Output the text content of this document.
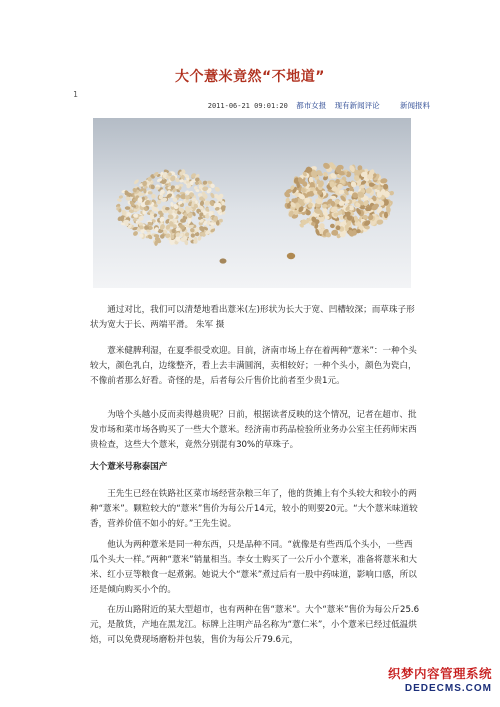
大个薏米竟然“不地道”
1
2011-06-21 09:01:20 都市女报 现有新闻评论	新闻报料

通过对比，我们可以清楚地看出薏米(左)形状为长大于宽、凹槽较深；而草珠子形状为宽大于长、两端平滑。 朱军 摄

薏米健脾利湿，在夏季很受欢迎。目前，济南市场上存在着两种“薏米”：一种个头较大，颜色乳白，边缘整齐，看上去丰满圆润，卖相较好；一种个头小，颜色为瓷白，不像前者那么好看。奇怪的是，后者每公斤售价比前者至少贵1元。

为啥个头越小反而卖得越贵呢？日前，根据读者反映的这个情况，记者在超市、批发市场和菜市场各购买了一些大个薏米。经济南市药品检验所业务办公室主任药师宋西贵检查，这些大个薏米，竟然分别混有30%的草珠子。

大个薏米号称泰国产

王先生已经在铁路社区菜市场经营杂粮三年了，他的货摊上有个头较大和较小的两种“薏米”。颗粒较大的“薏米”售价为每公斤14元，较小的则要20元。“大个薏米味道较香，营养价值不如小的好。”王先生说。

他认为两种薏米是同一种东西，只是品种不同。“就像是有些西瓜个头小，一些西瓜个头大一样。”两种“薏米”销量相当。李女士购买了一公斤小个薏米，准备将薏米和大米、红小豆等粮食一起煮粥。她说大个“薏米”煮过后有一股中药味道，影响口感，所以还是倾向购买小个的。

在历山路附近的某大型超市，也有两种在售“薏米”。大个“薏米”售价为每公斤25.6元，是散货，产地在黑龙江。标牌上注明产品名称为“薏仁米”，小个薏米已经过低温烘焙，可以免费现场磨粉并包装，售价为每公斤79.6元，

织梦内容管理系统
DEDECMS.COM
